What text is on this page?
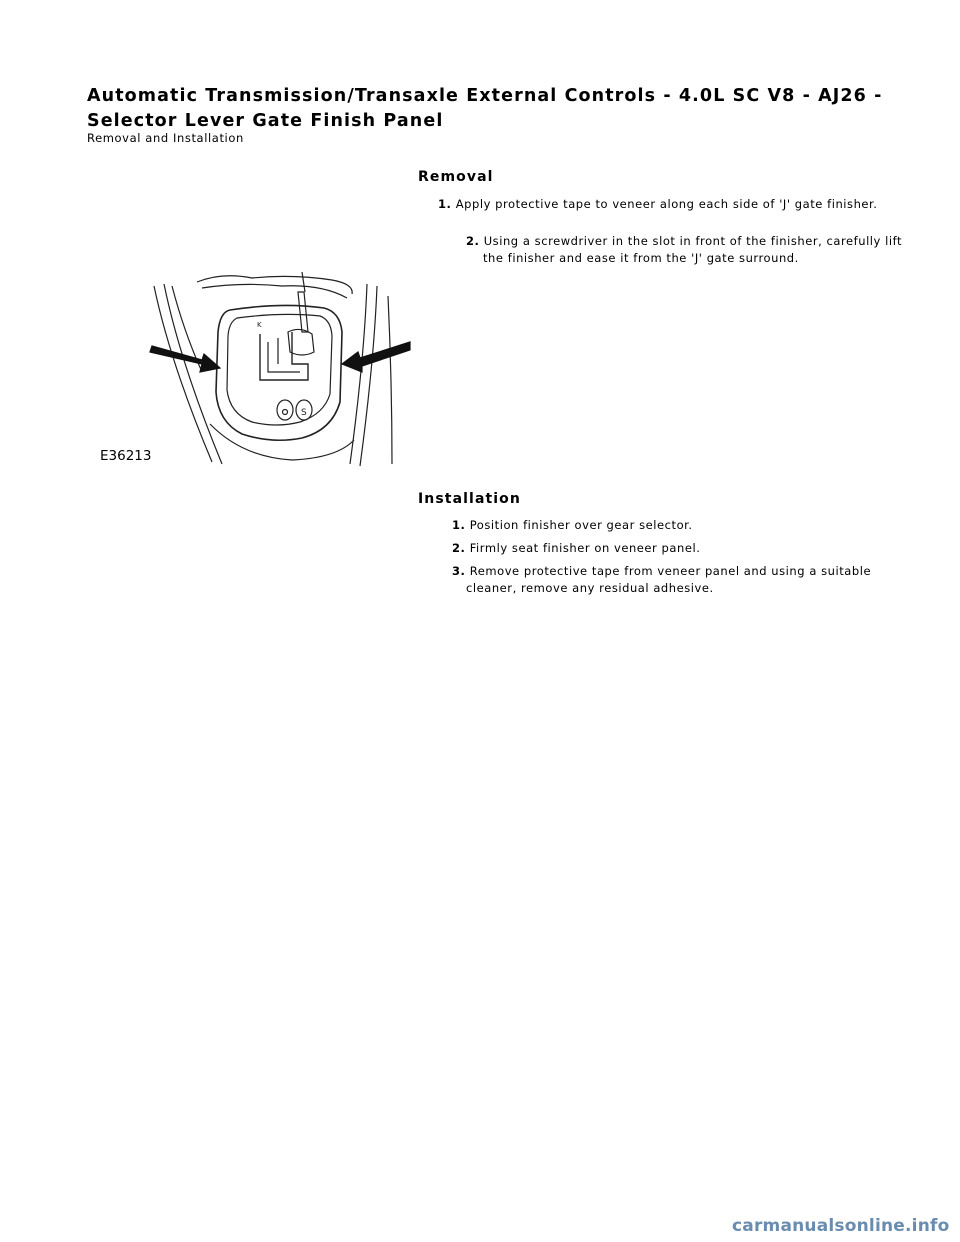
Automatic Transmission/Transaxle External Controls - 4.0L SC V8 - AJ26 - Selector Lever Gate Finish Panel

Removal and Installation

Removal

1. Apply protective tape to veneer along each side of 'J' gate finisher.

2. Using a screwdriver in the slot in front of the finisher, carefully lift the finisher and ease it from the 'J' gate surround.

S
K
E36213
Installation

1. Position finisher over gear selector.

2. Firmly seat finisher on veneer panel.

3. Remove protective tape from veneer panel and using a suitable cleaner, remove any residual adhesive.

carmanualsonline.info
